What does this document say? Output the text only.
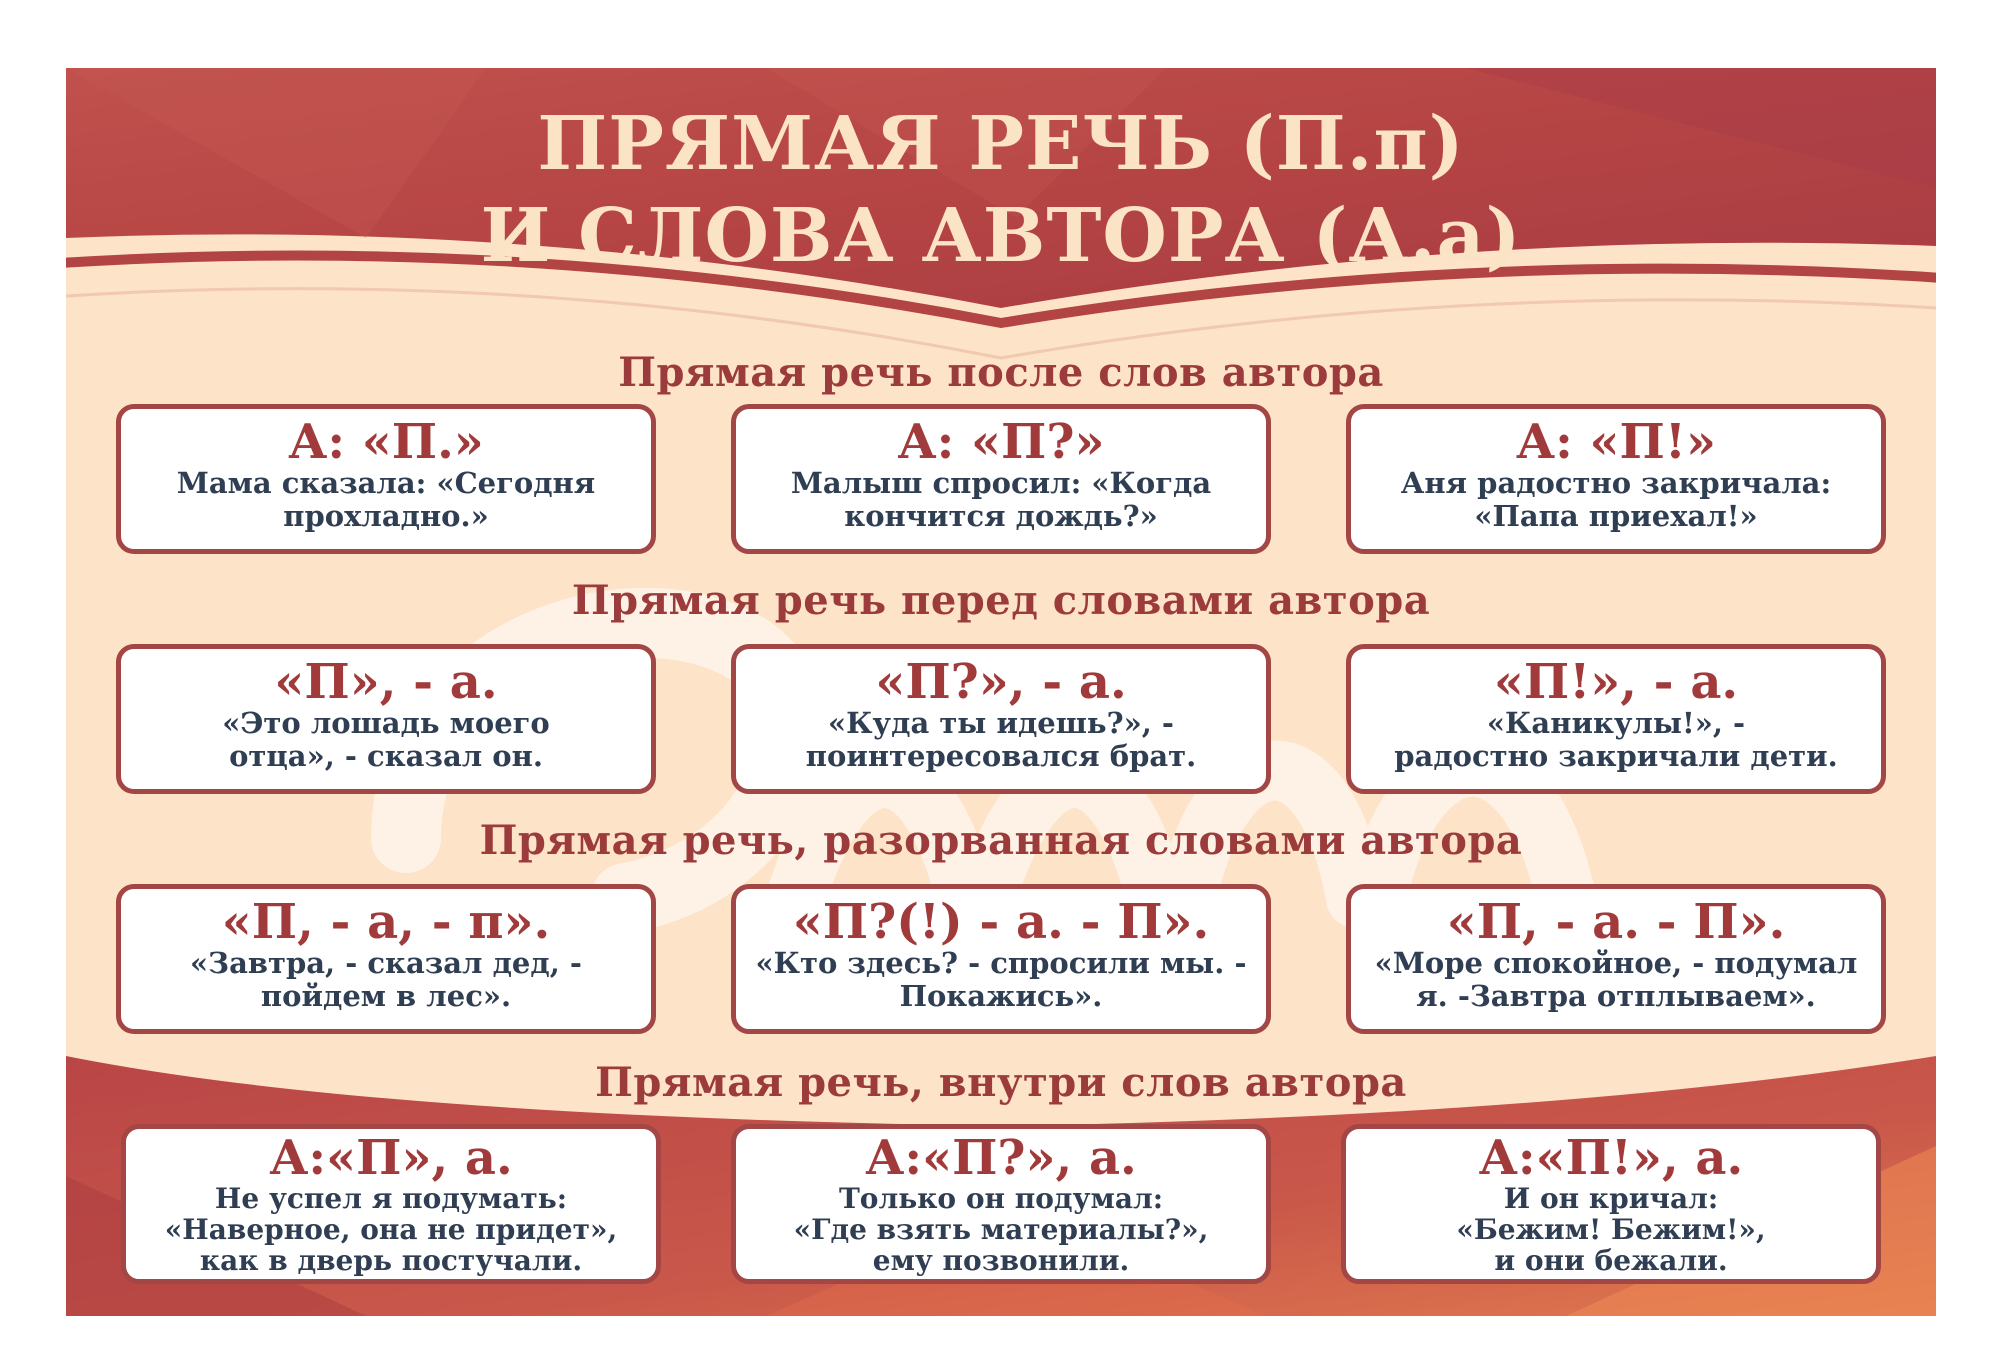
ПРЯМАЯ РЕЧЬ (П.п)
И СЛОВА АВТОРА (А.а)
Прямая речь после слов автора
А: «П.»
Мама сказала: «Сегодня
прохладно.»
А: «П?»
Малыш спросил: «Когда
кончится дождь?»
А: «П!»
Аня радостно закричала:
«Папа приехал!»
Прямая речь перед словами автора
«П», - а.
«Это лошадь моего
отца», - сказал он.
«П?», - а.
«Куда ты идешь?», -
поинтересовался брат.
«П!», - а.
«Каникулы!», -
радостно закричали дети.
Прямая речь, разорванная словами автора
«П, - а, - п».
«Завтра, - сказал дед, -
пойдем в лес».
«П?(!) - а. - П».
«Кто здесь? - спросили мы. -
Покажись».
«П, - а. - П».
«Море спокойное, - подумал
я. -Завтра отплываем».
Прямая речь, внутри слов автора
А:«П», а.
Не успел я подумать:
«Наверное, она не придет»,
как в дверь постучали.
А:«П?», а.
Только он подумал:
«Где взять материалы?»,
ему позвонили.
А:«П!», а.
И он кричал:
«Бежим! Бежим!»,
и они бежали.
